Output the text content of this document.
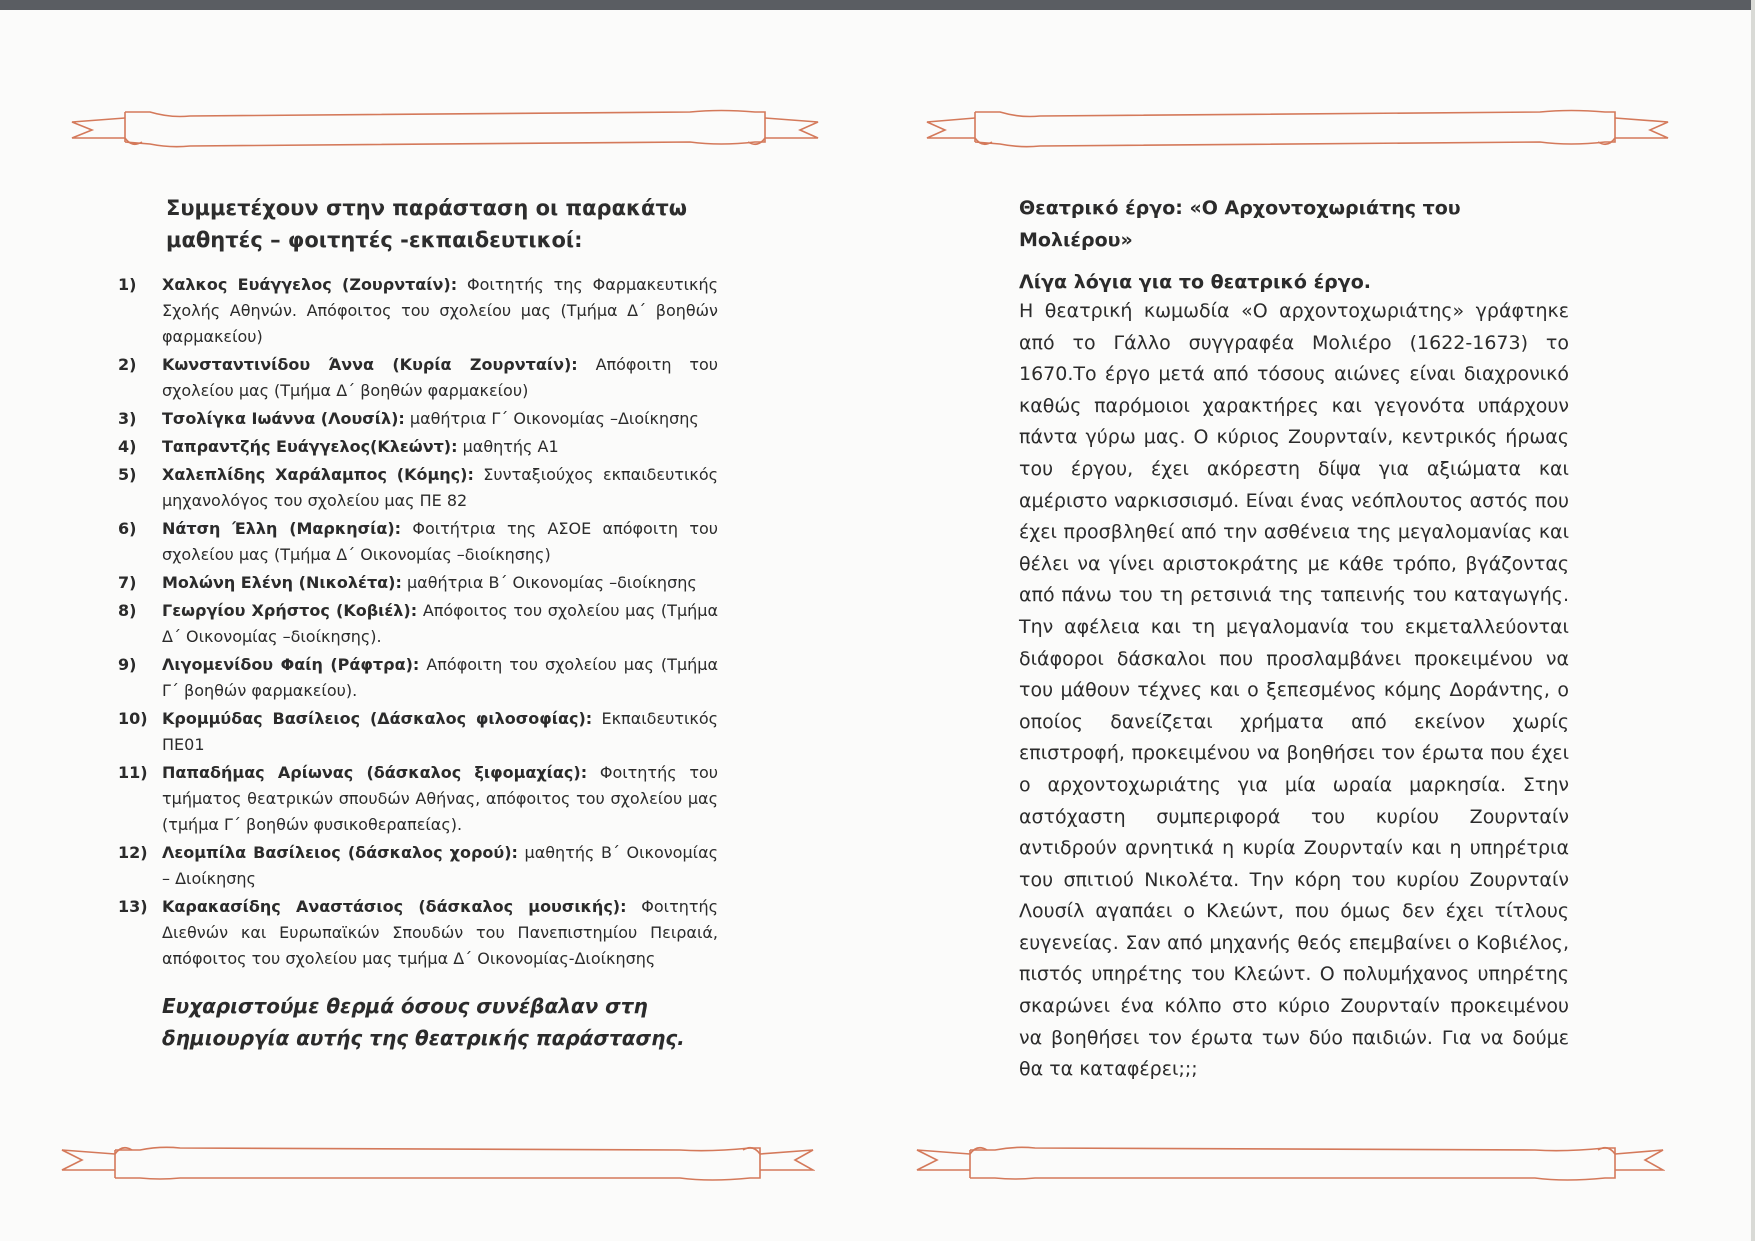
Συμμετέχουν στην παράσταση οι παρακάτω μαθητές – φοιτητές -εκπαιδευτικοί:
1)	Χαλκος Ευάγγελος (Ζουρνταίν): Φοιτητής της Φαρμακευτικής Σχολής Αθηνών. Απόφοιτος του σχολείου μας (Τμήμα Δ΄ βοηθών φαρμακείου)
2)	Κωνσταντινίδου Άννα (Κυρία Ζουρνταίν): Απόφοιτη του σχολείου μας (Τμήμα Δ΄ βοηθών φαρμακείου)
3)	Τσολίγκα Ιωάννα (Λουσίλ): μαθήτρια Γ΄ Οικονομίας –Διοίκησης
4)	Ταπραντζής Ευάγγελος(Κλεώντ): μαθητής Α1
5)	Χαλεπλίδης Χαράλαμπος (Κόμης): Συνταξιούχος εκπαιδευτικός μηχανολόγος του σχολείου μας ΠΕ 82
6)	Νάτση Έλλη (Μαρκησία): Φοιτήτρια της ΑΣΟΕ απόφοιτη του σχολείου μας (Τμήμα Δ΄ Οικονομίας –διοίκησης)
7)	Μολώνη Ελένη (Νικολέτα): μαθήτρια Β΄ Οικονομίας –διοίκησης
8)	Γεωργίου Χρήστος (Κοβιέλ): Απόφοιτος του σχολείου μας (Τμήμα Δ΄ Οικονομίας –διοίκησης).
9)	Λιγομενίδου Φαίη (Ράφτρα): Απόφοιτη του σχολείου μας (Τμήμα Γ΄ βοηθών φαρμακείου).
10) Κρομμύδας Βασίλειος (Δάσκαλος φιλοσοφίας): Εκπαιδευτικός ΠΕ01
11) Παπαδήμας Αρίωνας (δάσκαλος ξιφομαχίας): Φοιτητής του τμήματος θεατρικών σπουδών Αθήνας, απόφοιτος του σχολείου μας (τμήμα Γ΄ βοηθών φυσικοθεραπείας).
12) Λεομπίλα Βασίλειος (δάσκαλος χορού): μαθητής Β΄ Οικονομίας – Διοίκησης
13) Καρακασίδης Αναστάσιος (δάσκαλος μουσικής): Φοιτητής Διεθνών και Ευρωπαϊκών Σπουδών του Πανεπιστημίου Πειραιά, απόφοιτος του σχολείου μας τμήμα Δ΄ Οικονομίας-Διοίκησης

Ευχαριστούμε θερμά όσους συνέβαλαν στη δημιουργία αυτής της θεατρικής παράστασης.

Θεατρικό έργο: «Ο Αρχοντοχωριάτης του Μολιέρου»
Λίγα λόγια για το θεατρικό έργο.

Η θεατρική κωμωδία «Ο αρχοντοχωριάτης» γράφτηκε από το Γάλλο συγγραφέα Μολιέρο (1622-1673) το 1670.Το έργο μετά από τόσους αιώνες είναι διαχρονικό καθώς παρόμοιοι χαρακτήρες και γεγονότα υπάρχουν πάντα γύρω μας. Ο κύριος Ζουρνταίν, κεντρικός ήρωας του έργου, έχει ακόρεστη δίψα για αξιώματα και αμέριστο ναρκισσισμό. Είναι ένας νεόπλουτος αστός που έχει προσβληθεί από την ασθένεια της μεγαλομανίας και θέλει να γίνει αριστοκράτης με κάθε τρόπο, βγάζοντας από πάνω του τη ρετσινιά της ταπεινής του καταγωγής. Την αφέλεια και τη μεγαλομανία του εκμεταλλεύονται διάφοροι δάσκαλοι που προσλαμβάνει προκειμένου να του μάθουν τέχνες και ο ξεπεσμένος κόμης Δοράντης, ο οποίος δανείζεται χρήματα από εκείνον χωρίς επιστροφή, προκειμένου να βοηθήσει τον έρωτα που έχει ο αρχοντοχωριάτης για μία ωραία μαρκησία. Στην αστόχαστη συμπεριφορά του κυρίου Ζουρνταίν αντιδρούν αρνητικά η κυρία Ζουρνταίν και η υπηρέτρια του σπιτιού Νικολέτα. Την κόρη του κυρίου Ζουρνταίν Λουσίλ αγαπάει ο Κλεώντ, που όμως δεν έχει τίτλους ευγενείας. Σαν από μηχανής θεός επεμβαίνει ο Κοβιέλος, πιστός υπηρέτης του Κλεώντ. Ο πολυμήχανος υπηρέτης σκαρώνει ένα κόλπο στο κύριο Ζουρνταίν προκειμένου να βοηθήσει τον έρωτα των δύο παιδιών. Για να δούμε θα τα καταφέρει;;;
